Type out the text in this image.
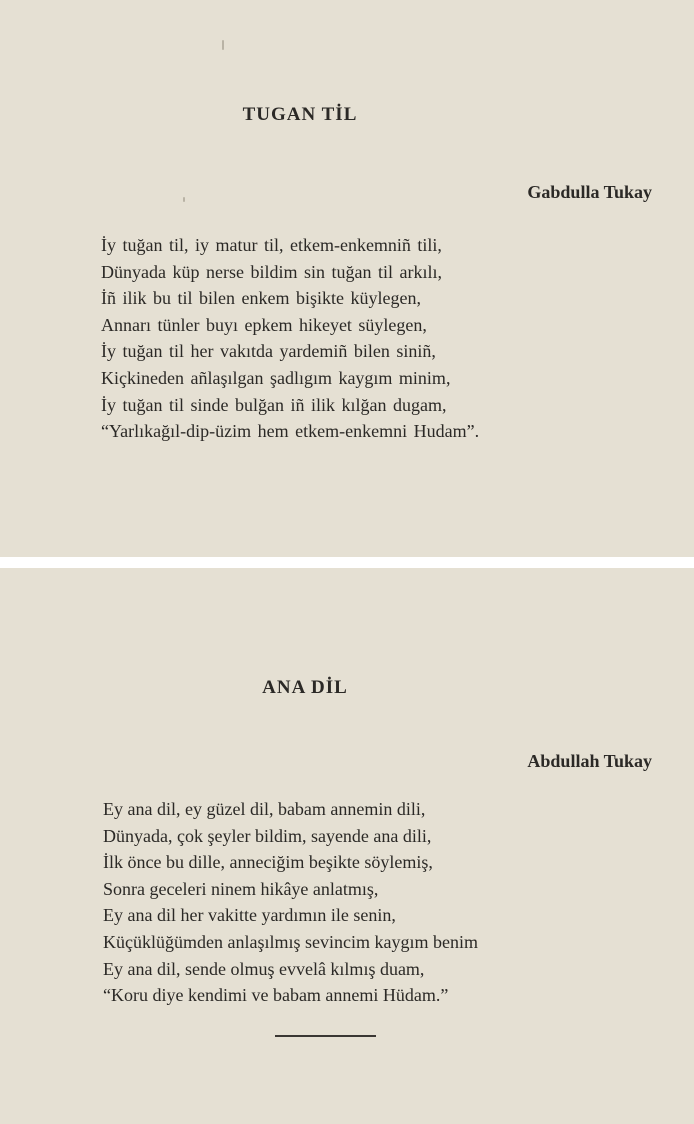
TUGAN TİL
Gabdulla Tukay
İy tuğan til, iy matur til, etkem-enkemniñ tili,
Dünyada küp nerse bildim sin tuğan til arkılı,
İñ ilik bu til bilen enkem bişikte küylegen,
Annarı tünler buyı epkem hikeyet süylegen,
İy tuğan til her vakıtda yardemiñ bilen siniñ,
Kiçkineden añlaşılgan şadlıgım kaygım minim,
İy tuğan til sinde bulğan iñ ilik kılğan dugam,
“Yarlıkağıl-dip-üzim hem etkem-enkemni Hudam”.
ANA DİL
Abdullah Tukay
Ey ana dil, ey güzel dil, babam annemin dili,
Dünyada, çok şeyler bildim, sayende ana dili,
İlk önce bu dille, anneciğim beşikte söylemiş,
Sonra geceleri ninem hikâye anlatmış,
Ey ana dil her vakitte yardımın ile senin,
Küçüklüğümden anlaşılmış sevincim kaygım benim
Ey ana dil, sende olmuş evvelâ kılmış duam,
“Koru diye kendimi ve babam annemi Hüdam.”
